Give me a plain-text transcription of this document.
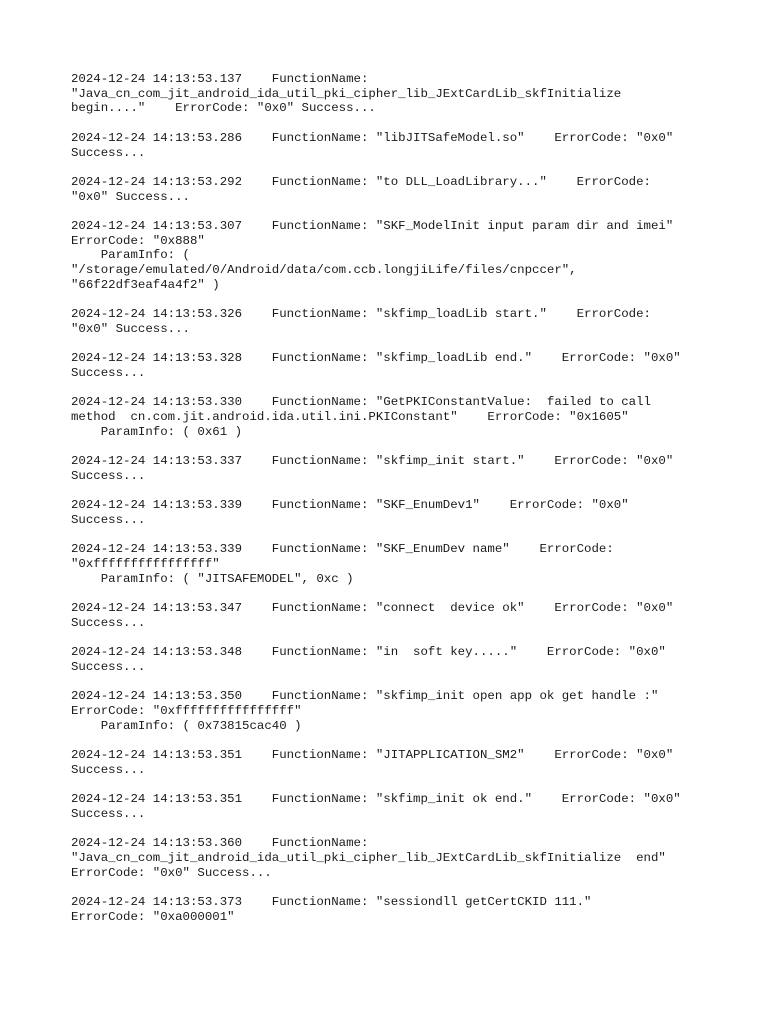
2024-12-24 14:13:53.137    FunctionName:
"Java_cn_com_jit_android_ida_util_pki_cipher_lib_JExtCardLib_skfInitialize
begin...."    ErrorCode: "0x0" Success...
2024-12-24 14:13:53.286    FunctionName: "libJITSafeModel.so"    ErrorCode: "0x0"
Success...
2024-12-24 14:13:53.292    FunctionName: "to DLL_LoadLibrary..."    ErrorCode:
"0x0" Success...
2024-12-24 14:13:53.307    FunctionName: "SKF_ModelInit input param dir and imei"
ErrorCode: "0x888"
ParamInfo: (
"/storage/emulated/0/Android/data/com.ccb.longjiLife/files/cnpccer",
"66f22df3eaf4a4f2" )
2024-12-24 14:13:53.326    FunctionName: "skfimp_loadLib start."    ErrorCode:
"0x0" Success...
2024-12-24 14:13:53.328    FunctionName: "skfimp_loadLib end."    ErrorCode: "0x0"
Success...
2024-12-24 14:13:53.330    FunctionName: "GetPKIConstantValue:  failed to call
method  cn.com.jit.android.ida.util.ini.PKIConstant"    ErrorCode: "0x1605"
ParamInfo: ( 0x61 )
2024-12-24 14:13:53.337    FunctionName: "skfimp_init start."    ErrorCode: "0x0"
Success...
2024-12-24 14:13:53.339    FunctionName: "SKF_EnumDev1"    ErrorCode: "0x0"
Success...
2024-12-24 14:13:53.339    FunctionName: "SKF_EnumDev name"    ErrorCode:
"0xffffffffffffffff"
ParamInfo: ( "JITSAFEMODEL", 0xc )
2024-12-24 14:13:53.347    FunctionName: "connect  device ok"    ErrorCode: "0x0"
Success...
2024-12-24 14:13:53.348    FunctionName: "in  soft key....."    ErrorCode: "0x0"
Success...
2024-12-24 14:13:53.350    FunctionName: "skfimp_init open app ok get handle :"
ErrorCode: "0xffffffffffffffff"
ParamInfo: ( 0x73815cac40 )
2024-12-24 14:13:53.351    FunctionName: "JITAPPLICATION_SM2"    ErrorCode: "0x0"
Success...
2024-12-24 14:13:53.351    FunctionName: "skfimp_init ok end."    ErrorCode: "0x0"
Success...
2024-12-24 14:13:53.360    FunctionName:
"Java_cn_com_jit_android_ida_util_pki_cipher_lib_JExtCardLib_skfInitialize  end"
ErrorCode: "0x0" Success...
2024-12-24 14:13:53.373    FunctionName: "sessiondll getCertCKID 111."
ErrorCode: "0xa000001"
